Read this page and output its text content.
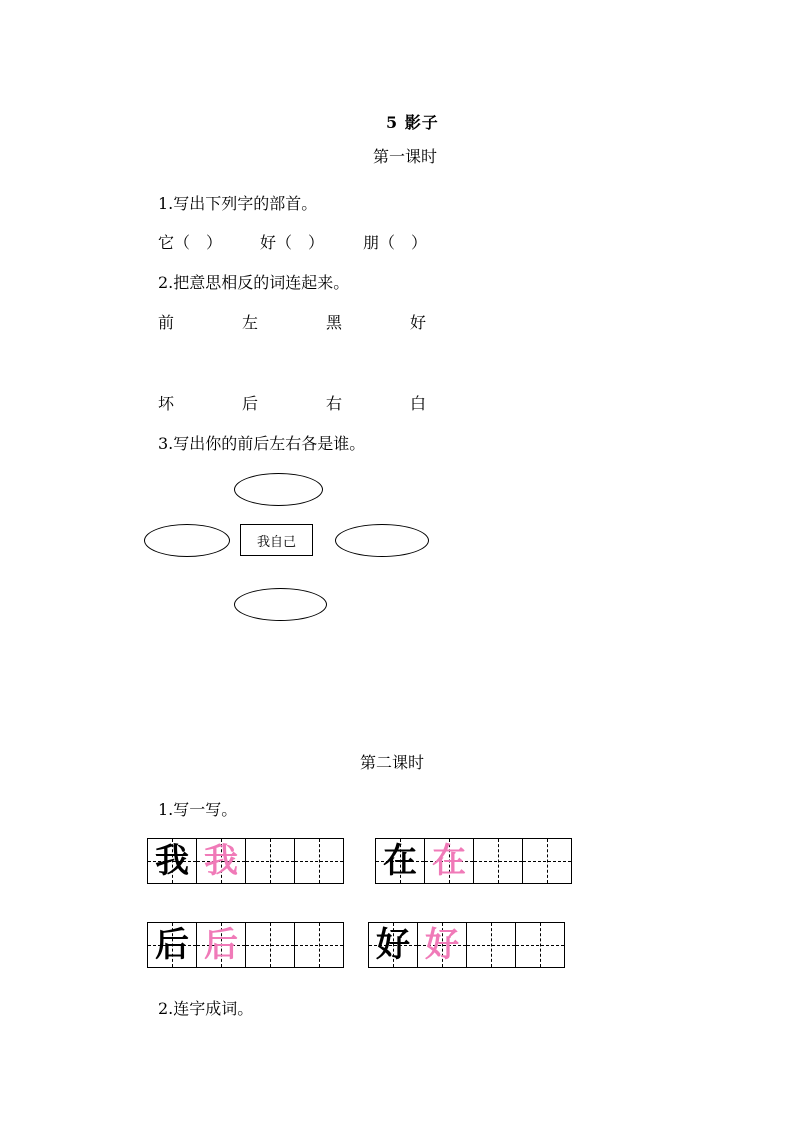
5 影子
第一课时
1.写出下列字的部首。
它（　） 好（　） 朋（　）
2.把意思相反的词连起来。
前	左	黑	好
坏	后	右	白
3.写出你的前后左右各是谁。
我自己
第二课时
1.写一写。
我 我	在 在
后 后	好 好
2.连字成词。
